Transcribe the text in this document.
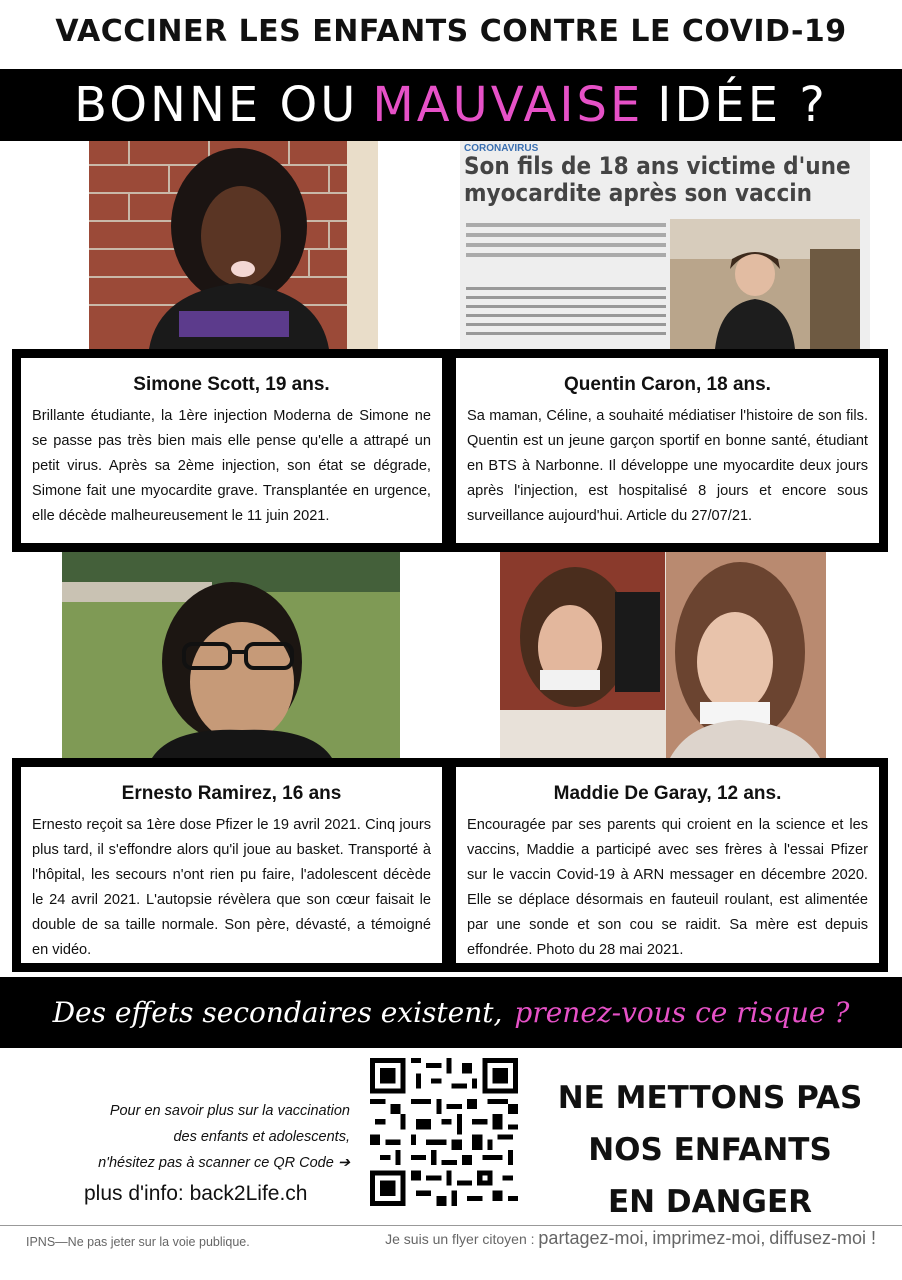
VACCINER LES ENFANTS CONTRE LE COVID-19
BONNE OU MAUVAISE IDÉE ?
CORONAVIRUS
Son fils de 18 ans victime d'une myocardite après son vaccin
Simone Scott, 19 ans.

Brillante étudiante, la 1ère injection Moderna de Simone ne se passe pas très bien mais elle pense qu'elle a attrapé un petit virus. Après sa 2ème injection, son état se dégrade, Simone fait une myocardite grave. Transplantée en urgence, elle décède malheureusement le 11 juin 2021.

Quentin Caron, 18 ans.

Sa maman, Céline, a souhaité médiatiser l'histoire de son fils. Quentin est un jeune garçon sportif en bonne santé, étudiant en BTS à Narbonne. Il développe une myocardite deux jours après l'injection, est hospitalisé 8 jours et encore sous surveillance aujourd'hui. Article du 27/07/21.

Ernesto Ramirez, 16 ans

Ernesto reçoit sa 1ère dose Pfizer le 19 avril 2021. Cinq jours plus tard, il s'effondre alors qu'il joue au basket. Transporté à l'hôpital, les secours n'ont rien pu faire, l'adolescent décède le 24 avril 2021. L'autopsie révèlera que son cœur faisait le double de sa taille normale. Son père, dévasté, a témoigné en vidéo.

Maddie De Garay, 12 ans.

Encouragée par ses parents qui croient en la science et les vaccins, Maddie a participé avec ses frères à l'essai Pfizer sur le vaccin Covid-19 à ARN messager en décembre 2020. Elle se déplace désormais en fauteuil roulant, est alimentée par une sonde et son cou se raidit. Sa mère est depuis effondrée. Photo du 28 mai 2021.

Des effets secondaires existent, prenez-vous ce risque ?
Pour en savoir plus sur la vaccination
des enfants et adolescents,
n'hésitez pas à scanner ce QR Code ➔
plus d'info: back2Life.ch
NE METTONS PAS
NOS ENFANTS
EN DANGER
IPNS—Ne pas jeter sur la voie publique.	Je suis un flyer citoyen : partagez-moi, imprimez-moi, diffusez-moi !
